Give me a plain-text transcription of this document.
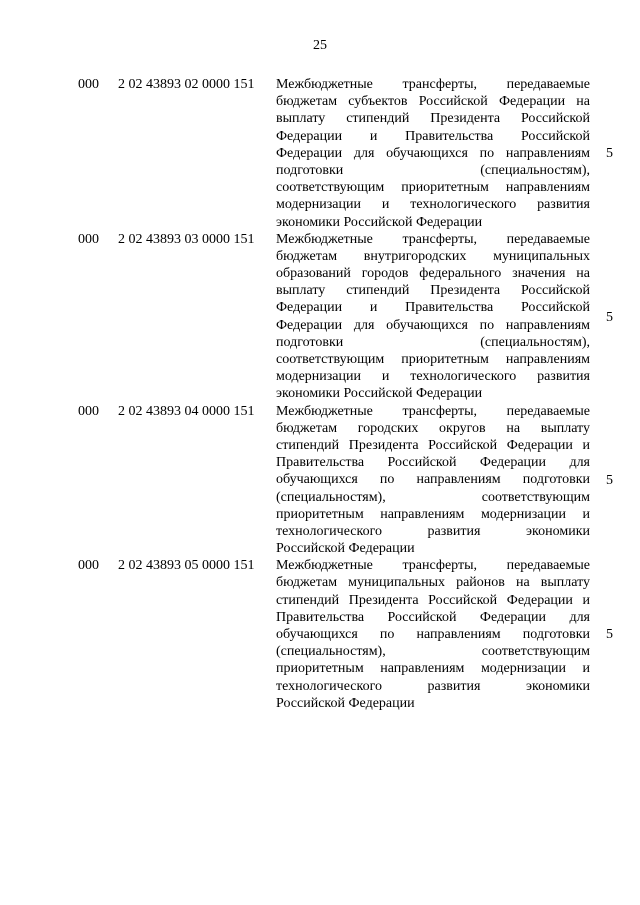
25
000 2 02 43893 02 0000 151 Межбюджетные трансферты, передаваемые
бюджетам субъектов Российской Федерации на
выплату стипендий Президента Российской
Федерации и Правительства Российской
Федерации для обучающихся по направлениям
подготовки (специальностям),
соответствующим приоритетным направлениям
модернизации и технологического развития
экономики Российской Федерации
5
000 2 02 43893 03 0000 151 Межбюджетные трансферты, передаваемые
бюджетам внутригородских муниципальных
образований городов федерального значения на
выплату стипендий Президента Российской
Федерации и Правительства Российской
Федерации для обучающихся по направлениям
подготовки (специальностям),
соответствующим приоритетным направлениям
модернизации и технологического развития
экономики Российской Федерации
5
000 2 02 43893 04 0000 151 Межбюджетные трансферты, передаваемые
бюджетам городских округов на выплату
стипендий Президента Российской Федерации и
Правительства Российской Федерации для
обучающихся по направлениям подготовки
(специальностям), соответствующим
приоритетным направлениям модернизации и
технологического развития экономики
Российской Федерации
5
000 2 02 43893 05 0000 151 Межбюджетные трансферты, передаваемые
бюджетам муниципальных районов на выплату
стипендий Президента Российской Федерации и
Правительства Российской Федерации для
обучающихся по направлениям подготовки
(специальностям), соответствующим
приоритетным направлениям модернизации и
технологического развития экономики
Российской Федерации
5
